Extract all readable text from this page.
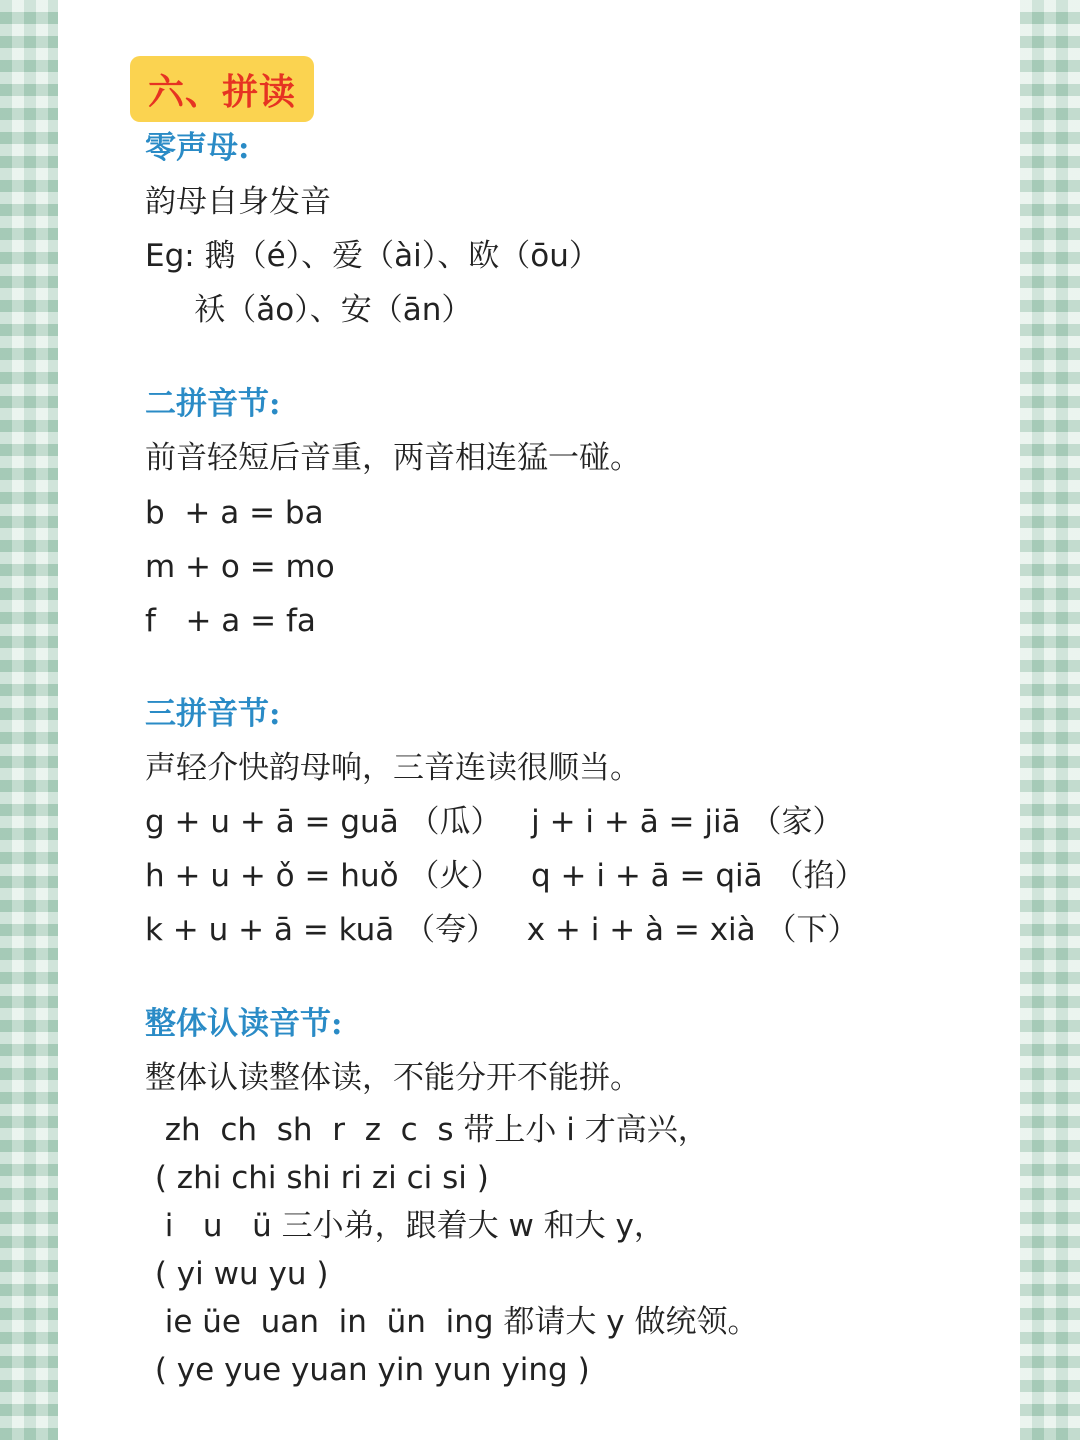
六、拼读
零声母:
韵母自身发音
Eg: 鹅（é）、爱（ài）、欧（ōu）
袄（ǎo）、安（ān）
二拼音节:
前音轻短后音重，两音相连猛一碰。
b  + a = ba
m + o = mo
f   + a = fa
三拼音节:
声轻介快韵母响，三音连读很顺当。
g + u + ā = guā （瓜）   j + i + ā = jiā （家）
h + u + ǒ = huǒ （火）   q + i + ā = qiā （掐）
k + u + ā = kuā （夸）   x + i + à = xià （下）
整体认读音节:
整体认读整体读，不能分开不能拼。
zh  ch  sh  r  z  c  s 带上小 i 才高兴，
( zhi chi shi ri zi ci si )
i   u   ü 三小弟，跟着大 w 和大 y，
( yi wu yu )
ie üe  uan  in  ün  ing 都请大 y 做统领。
( ye yue yuan yin yun ying )
